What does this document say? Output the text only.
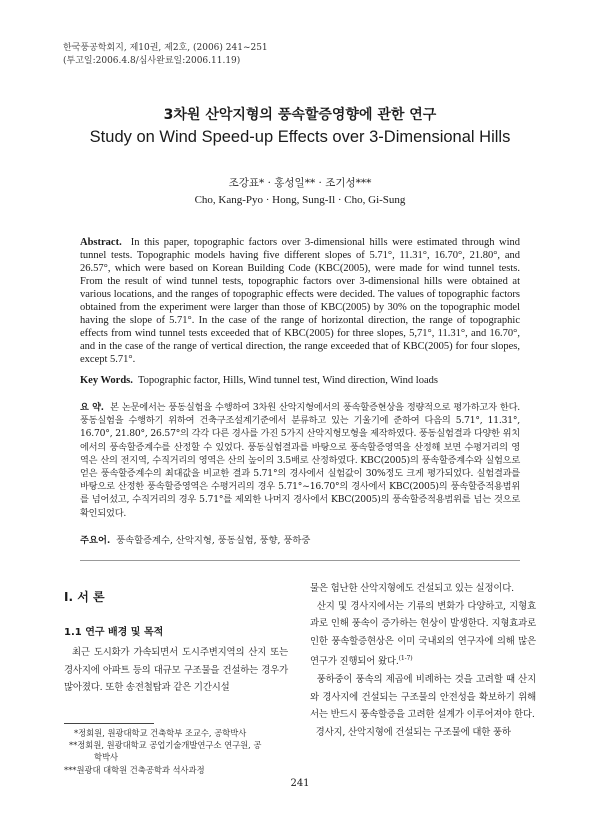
한국풍공학회지, 제10권, 제2호, (2006) 241~251
(투고일:2006.4.8/심사완료일:2006.11.19)
3차원 산악지형의 풍속할증영향에 관한 연구
Study on Wind Speed-up Effects over 3-Dimensional Hills
조강표* · 홍성일** · 조기성***
Cho, Kang-Pyo · Hong, Sung-Il · Cho, Gi-Sung
Abstract. In this paper, topographic factors over 3-dimensional hills were estimated through wind tunnel tests. Topographic models having five different slopes of 5.71°, 11.31°, 16.70°, 21.80°, and 26.57°, which were based on Korean Building Code (KBC(2005), were made for wind tunnel tests. From the result of wind tunnel tests, topographic factors over 3-dimensional hills were obtained at various locations, and the ranges of topographic effects were decided. The values of topographic factors obtained from the experiment were larger than those of KBC(2005) by 30% on the topographic model having the slope of 5.71°. In the case of the range of horizontal direction, the range of topographic effects from wind tunnel tests exceeded that of KBC(2005) for three slopes, 5,71°, 11.31°, and 16.70°, and in the case of the range of vertical direction, the range exceeded that of KBC(2005) for four slopes, except 5.71°.
Key Words. Topographic factor, Hills, Wind tunnel test, Wind direction, Wind loads
요 약. 본 논문에서는 풍동실험을 수행하여 3차원 산악지형에서의 풍속할증현상을 정량적으로 평가하고자 한다. 풍동실험을 수행하기 위하여 건축구조설계기준에서 분류하고 있는 기울기에 준하여 다음의 5.71°, 11.31°, 16.70°, 21.80°, 26.57°의 각각 다른 경사를 가진 5가지 산악지형모형을 제작하였다. 풍동실험결과 다양한 위치에서의 풍속할증계수를 산정할 수 있었다. 풍동실험결과를 바탕으로 풍속할증영역을 산정해 보면 수평거리의 영역은 산의 전지역, 수직거리의 영역은 산의 높이의 3.5배로 산정하였다. KBC(2005)의 풍속할증계수와 실험으로 얻은 풍속할증계수의 최대값을 비교한 결과 5.71°의 경사에서 실험값이 30%정도 크게 평가되었다. 실험결과를 바탕으로 산정한 풍속할증영역은 수평거리의 경우 5.71°~16.70°의 경사에서 KBC(2005)의 풍속할증적용범위를 넘어섰고, 수직거리의 경우 5.71°를 제외한 나머지 경사에서 KBC(2005)의 풍속할증적용범위를 넘는 것으로 확인되었다.
주요어. 풍속할증계수, 산악지형, 풍동실험, 풍향, 풍하중
I. 서 론
1.1 연구 배경 및 목적

최근 도시화가 가속되면서 도시주변지역의 산지 또는 경사지에 아파트 등의 대규모 구조물을 건설하는 경우가 많아졌다. 또한 송전철탑과 같은 기간시설

물은 험난한 산악지형에도 건설되고 있는 실정이다.

산지 및 경사지에서는 기류의 변화가 다양하고, 지형효과로 인해 풍속이 증가하는 현상이 발생한다. 지형효과로 인한 풍속할증현상은 이미 국내외의 연구자에 의해 많은 연구가 진행되어 왔다.$^{(1-7)}$

풍하중이 풍속의 제곱에 비례하는 것을 고려할 때 산지와 경사지에 건설되는 구조물의 안전성을 확보하기 위해서는 반드시 풍속할증을 고려한 설계가 이루어져야 한다.

경사지, 산악지형에 건설되는 구조물에 대한 풍하

*정회원, 원광대학교 건축학부 조교수, 공학박사
**정회원, 원광대학교 공업기술개발연구소 연구원, 공
학박사
***원광대 대학원 건축공학과 석사과정
241
